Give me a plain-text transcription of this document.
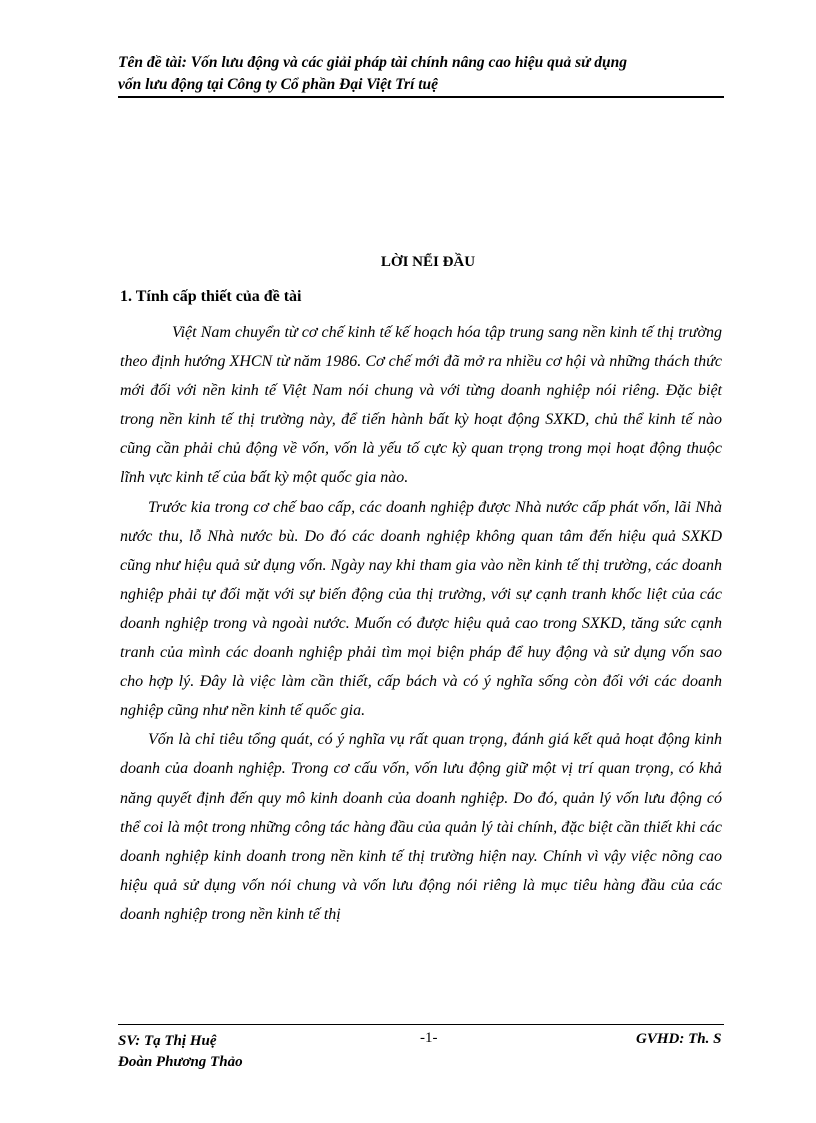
Tên đề tài: Vốn lưu động và các giải pháp tài chính nâng cao hiệu quả sử dụng
vốn lưu động tại Công ty Cổ phần Đại Việt Trí tuệ
LỜI NỂI ĐẦU
1. Tính cấp thiết của đề tài

Việt Nam chuyển từ cơ chế kinh tế kế hoạch hóa tập trung sang nền kinh tế thị trường theo định hướng XHCN từ năm 1986. Cơ chế mới đã mở ra nhiều cơ hội và những thách thức mới đối với nền kinh tế Việt Nam nói chung và với từng doanh nghiệp nói riêng. Đặc biệt trong nền kinh tế thị trường này, để tiến hành bất kỳ hoạt động SXKD, chủ thể kinh tế nào cũng cần phải chủ động về vốn, vốn là yếu tố cực kỳ quan trọng trong mọi hoạt động thuộc lĩnh vực kinh tế của bất kỳ một quốc gia nào.

Trước kia trong cơ chế bao cấp, các doanh nghiệp được Nhà nước cấp phát vốn, lãi Nhà nước thu, lỗ Nhà nước bù. Do đó các doanh nghiệp không quan tâm đến hiệu quả SXKD cũng như hiệu quả sử dụng vốn. Ngày nay khi tham gia vào nền kinh tế thị trường, các doanh nghiệp phải tự đối mặt với sự biến động của thị trường, với sự cạnh tranh khốc liệt của các doanh nghiệp trong và ngoài nước. Muốn có được hiệu quả cao trong SXKD, tăng sức cạnh tranh của mình các doanh nghiệp phải tìm mọi biện pháp để huy động và sử dụng vốn sao cho hợp lý. Đây là việc làm cần thiết, cấp bách và có ý nghĩa sống còn đối với các doanh nghiệp cũng như nền kinh tế quốc gia.

Vốn là chỉ tiêu tổng quát, có ý nghĩa vụ rất quan trọng, đánh giá kết quả hoạt động kinh doanh của doanh nghiệp. Trong cơ cấu vốn, vốn lưu động giữ một vị trí quan trọng, có khả năng quyết định đến quy mô kinh doanh của doanh nghiệp. Do đó, quản lý vốn lưu động có thể coi là một trong những công tác hàng đầu của quản lý tài chính, đặc biệt cần thiết khi các doanh nghiệp kinh doanh trong nền kinh tế thị trường hiện nay. Chính vì vậy việc nõng cao hiệu quả sử dụng vốn nói chung và vốn lưu động nói riêng là mục tiêu hàng đầu của các doanh nghiệp trong nền kinh tế thị

SV: Tạ Thị Huệ
Đoàn Phương Thảo
-1-	GVHD: Th. S
